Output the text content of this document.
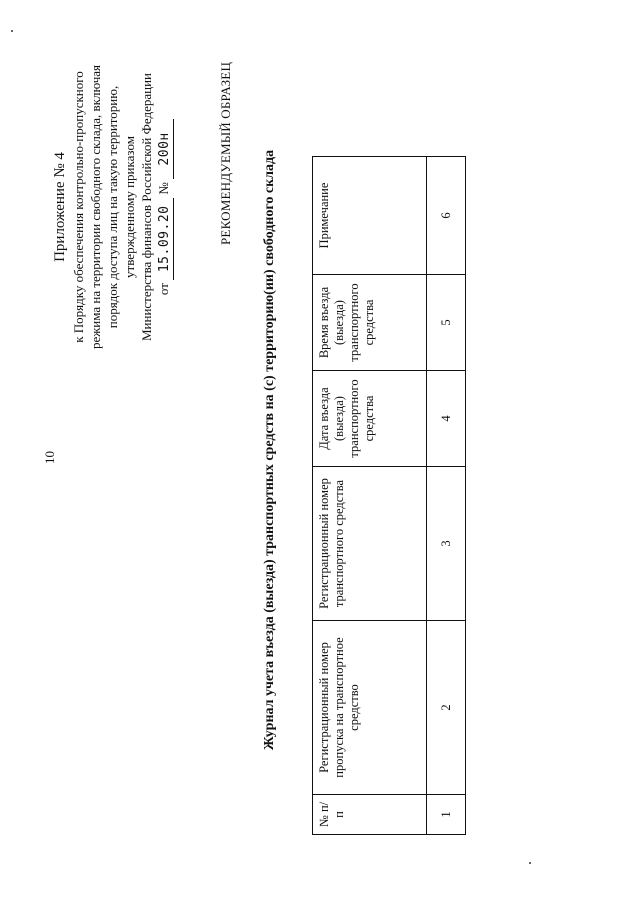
10
Приложение № 4 к Порядку обеспечения контрольно-пропускного режима на территории свободного склада, включая порядок доступа лиц на такую территорию, утвержденному приказом Министерства финансов Российской Федерации от 15.09.20 № 200н	РЕКОМЕНДУЕМЫЙ ОБРАЗЕЦ Журнал учета въезда (выезда) транспортных средств на (с) территорию(ии) свободного склада
№ п/п	Регистрационный номер пропуска на транспортное средство	Регистрационный номер транспортного средства	Дата въезда (выезда) транспортного средства	Время въезда (выезда) транспортного средства	Примечание
1	2	3	4	5	6
